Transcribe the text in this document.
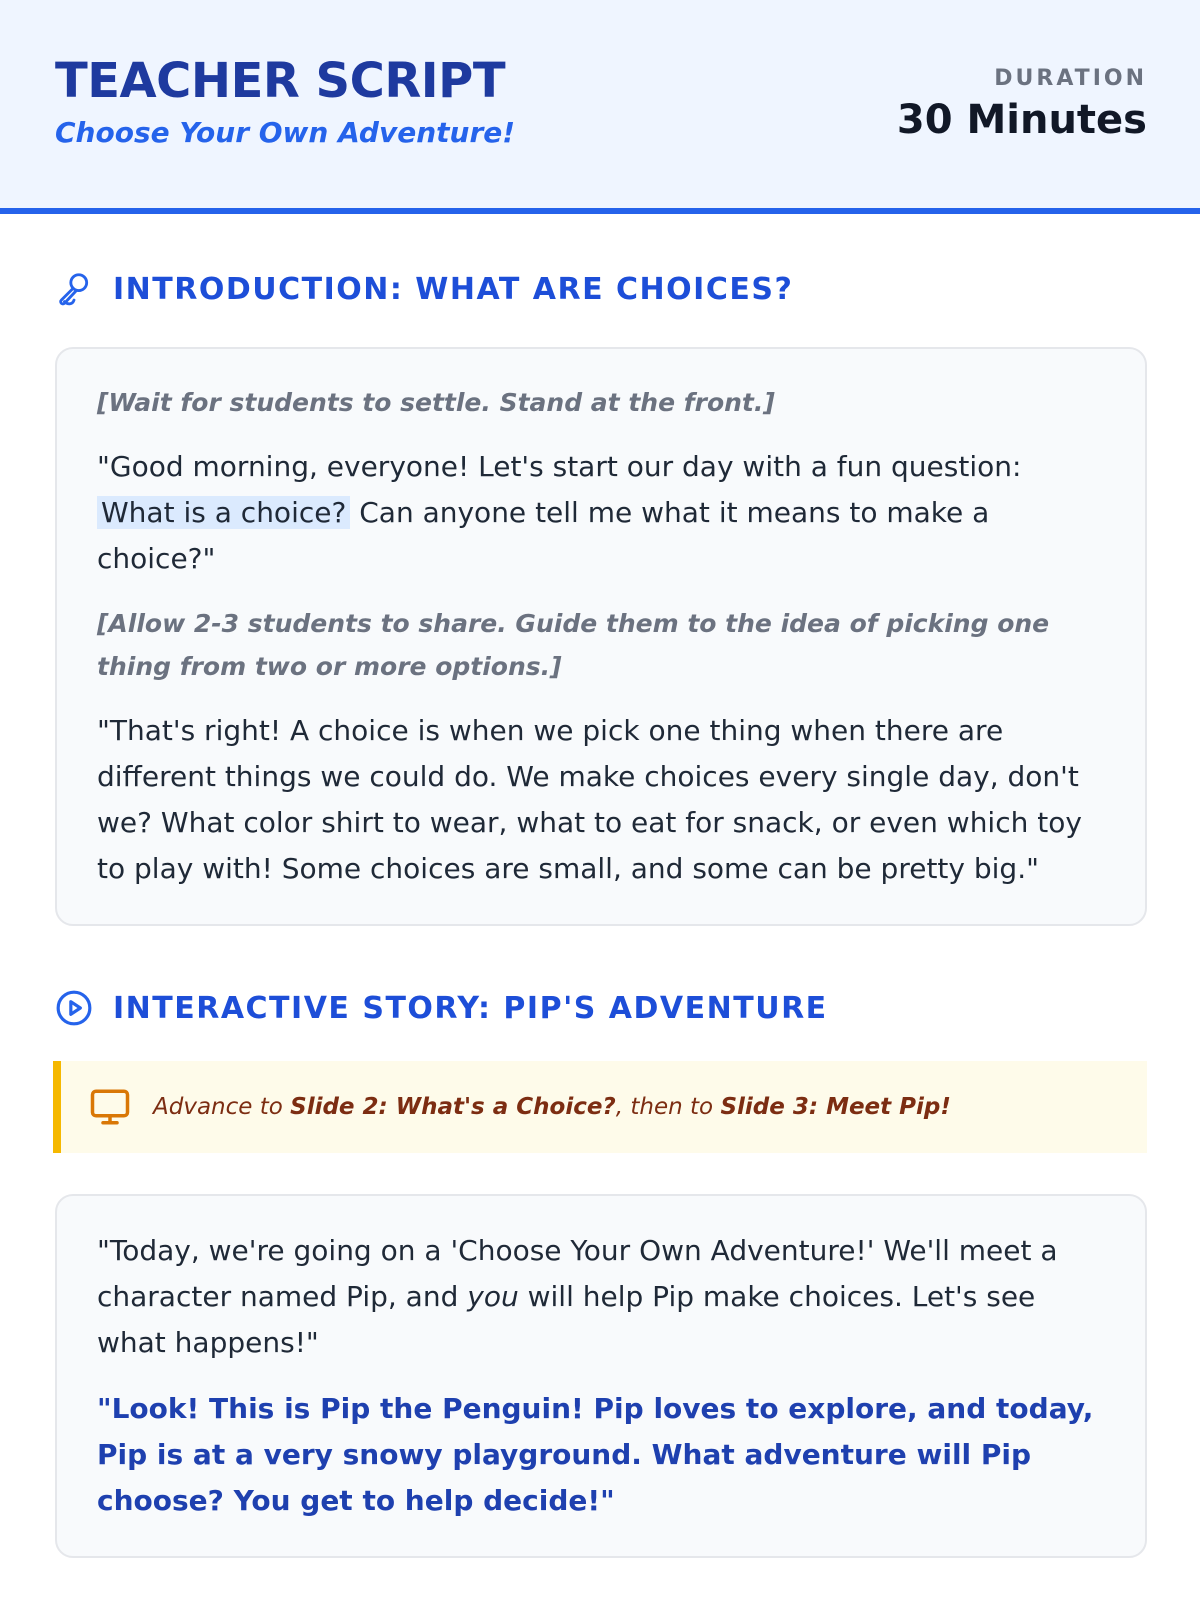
TEACHER SCRIPT
Choose Your Own Adventure!
DURATION
30 Minutes
INTRODUCTION: WHAT ARE CHOICES?

[Wait for students to settle. Stand at the front.]

"Good morning, everyone! Let's start our day with a fun question: What is a choice? Can anyone tell me what it means to make a choice?"

[Allow 2-3 students to share. Guide them to the idea of picking one thing from two or more options.]

"That's right! A choice is when we pick one thing when there are different things we could do. We make choices every single day, don't we? What color shirt to wear, what to eat for snack, or even which toy to play with! Some choices are small, and some can be pretty big."

INTERACTIVE STORY: PIP'S ADVENTURE
Advance to Slide 2: What's a Choice?, then to Slide 3: Meet Pip!

"Today, we're going on a 'Choose Your Own Adventure!' We'll meet a character named Pip, and you will help Pip make choices. Let's see what happens!"

"Look! This is Pip the Penguin! Pip loves to explore, and today, Pip is at a very snowy playground. What adventure will Pip choose? You get to help decide!"
